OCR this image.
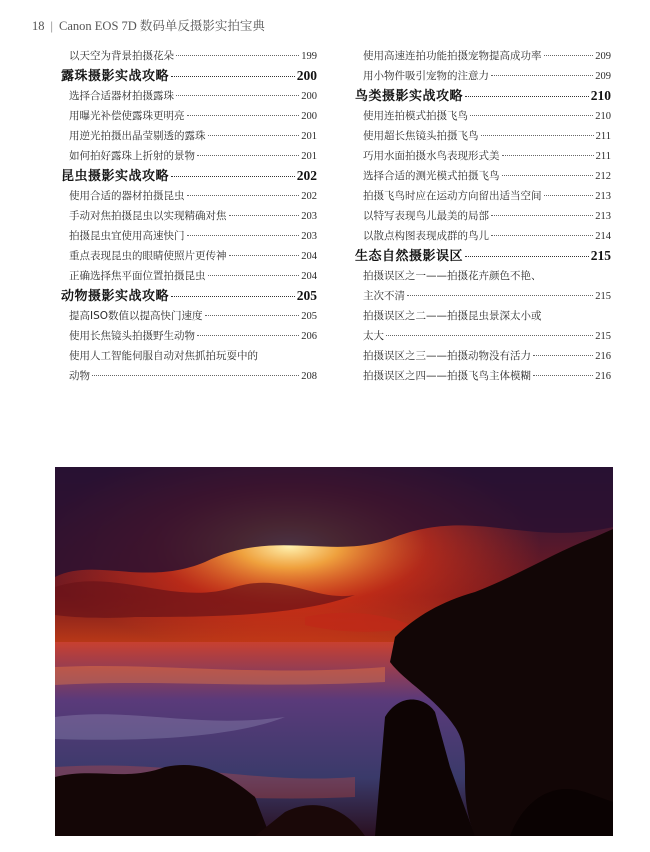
18 | Canon EOS 7D 数码单反摄影实拍宝典
以天空为背景拍摄花朵	199
露珠摄影实战攻略	200
选择合适器材拍摄露珠	200
用曝光补偿使露珠更明亮	200
用逆光拍摄出晶莹剔透的露珠	201
如何拍好露珠上折射的景物	201
昆虫摄影实战攻略	202
使用合适的器材拍摄昆虫	202
手动对焦拍摄昆虫以实现精确对焦	203
拍摄昆虫宜使用高速快门	203
重点表现昆虫的眼睛使照片更传神	204
正确选择焦平面位置拍摄昆虫	204
动物摄影实战攻略	205
提高ISO数值以提高快门速度	205
使用长焦镜头拍摄野生动物	206
使用人工智能伺服自动对焦抓拍玩耍中的
动物	208
使用高速连拍功能拍摄宠物提高成功率	209
用小物件吸引宠物的注意力	209
鸟类摄影实战攻略	210
使用连拍模式拍摄飞鸟	210
使用超长焦镜头拍摄飞鸟	211
巧用水面拍摄水鸟表现形式美	211
选择合适的测光模式拍摄飞鸟	212
拍摄飞鸟时应在运动方向留出适当空间	213
以特写表现鸟儿最美的局部	213
以散点构图表现成群的鸟儿	214
生态自然摄影误区	215
拍摄误区之一——拍摄花卉颜色不艳、
主次不清	215
拍摄误区之二——拍摄昆虫景深太小或
太大	215
拍摄误区之三——拍摄动物没有活力	216
拍摄误区之四——拍摄飞鸟主体模糊	216
